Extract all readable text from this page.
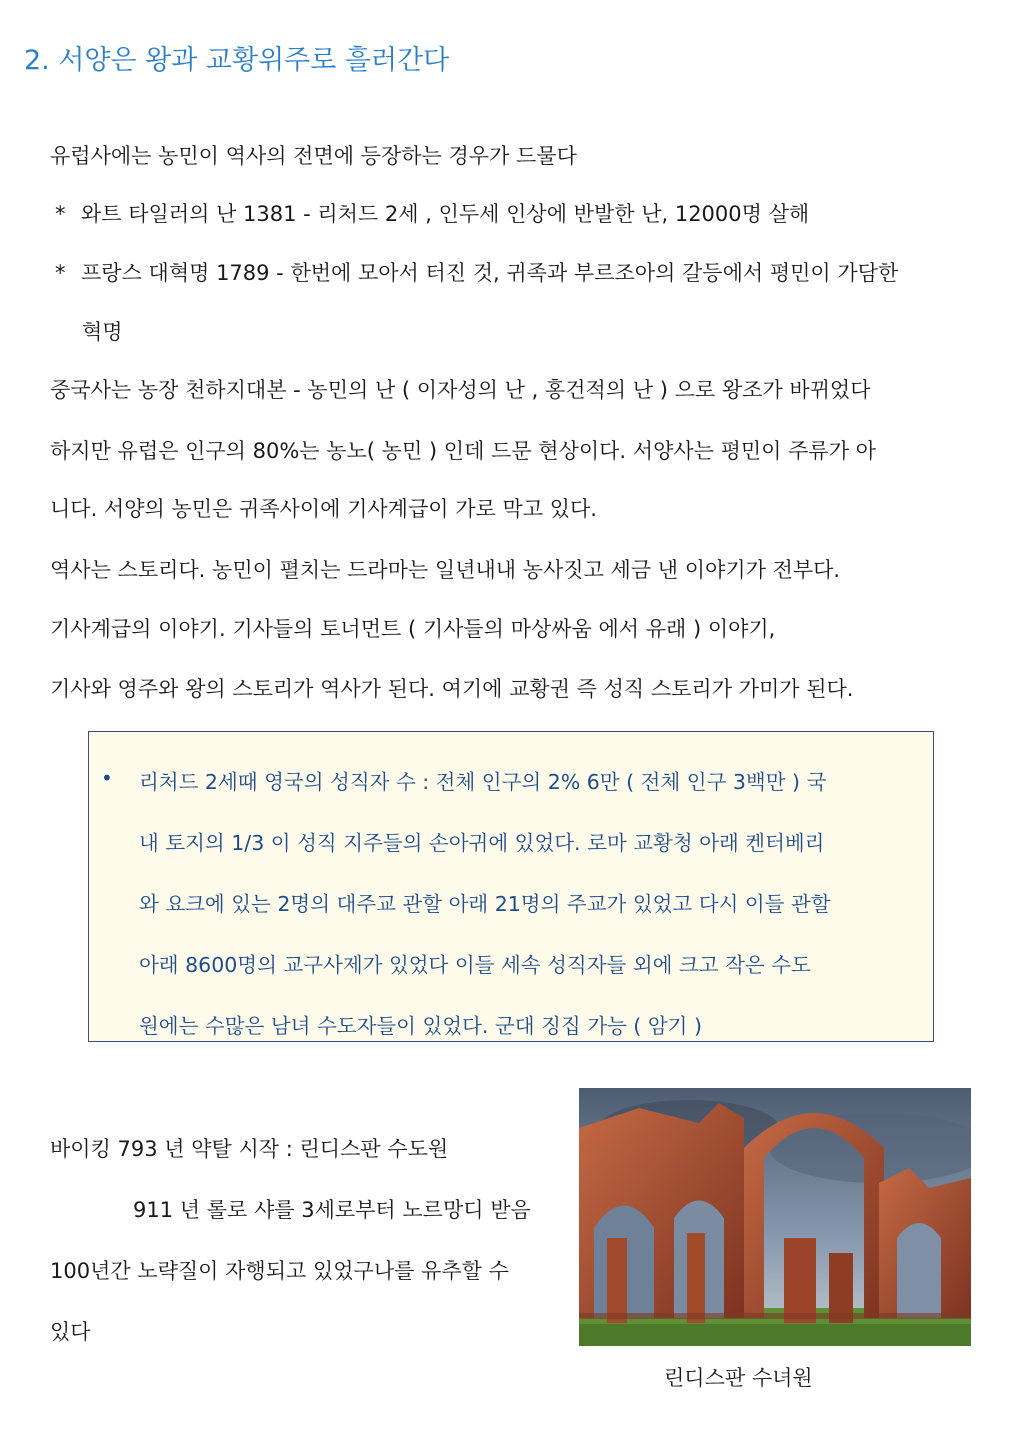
2. 서양은 왕과 교황위주로 흘러간다

유럽사에는 농민이 역사의 전면에 등장하는 경우가 드물다

* 와트 타일러의 난 1381 - 리처드 2세 , 인두세 인상에 반발한 난, 12000명 살해
* 프랑스 대혁명 1789 - 한번에 모아서 터진 것, 귀족과 부르조아의 갈등에서 평민이 가담한
혁명

중국사는 농장 천하지대본 - 농민의 난 ( 이자성의 난 , 홍건적의 난 ) 으로 왕조가 바뀌었다

하지만 유럽은 인구의 80%는 농노( 농민 ) 인데 드문 현상이다. 서양사는 평민이 주류가 아

니다. 서양의 농민은 귀족사이에 기사계급이 가로 막고 있다.

역사는 스토리다. 농민이 펼치는 드라마는 일년내내 농사짓고 세금 낸 이야기가 전부다.

기사계급의 이야기. 기사들의 토너먼트 ( 기사들의 마상싸움 에서 유래 ) 이야기,

기사와 영주와 왕의 스토리가 역사가 된다. 여기에 교황권 즉 성직 스토리가 가미가 된다.

• 리처드 2세때 영국의 성직자 수 : 전체 인구의 2% 6만 ( 전체 인구 3백만 ) 국
내 토지의 1/3 이 성직 지주들의 손아귀에 있었다. 로마 교황청 아래 켄터베리
와 요크에 있는 2명의 대주교 관할 아래 21명의 주교가 있었고 다시 이들 관할
아래 8600명의 교구사제가 있었다 이들 세속 성직자들 외에 크고 작은 수도
원에는 수많은 남녀 수도자들이 있었다. 군대 징집 가능 ( 암기 )
바이킹 793 년 약탈 시작 : 린디스판 수도원
911 년 롤로 샤를 3세로부터 노르망디 받음
100년간 노략질이 자행되고 있었구나를 유추할 수
있다
린디스판 수녀원
